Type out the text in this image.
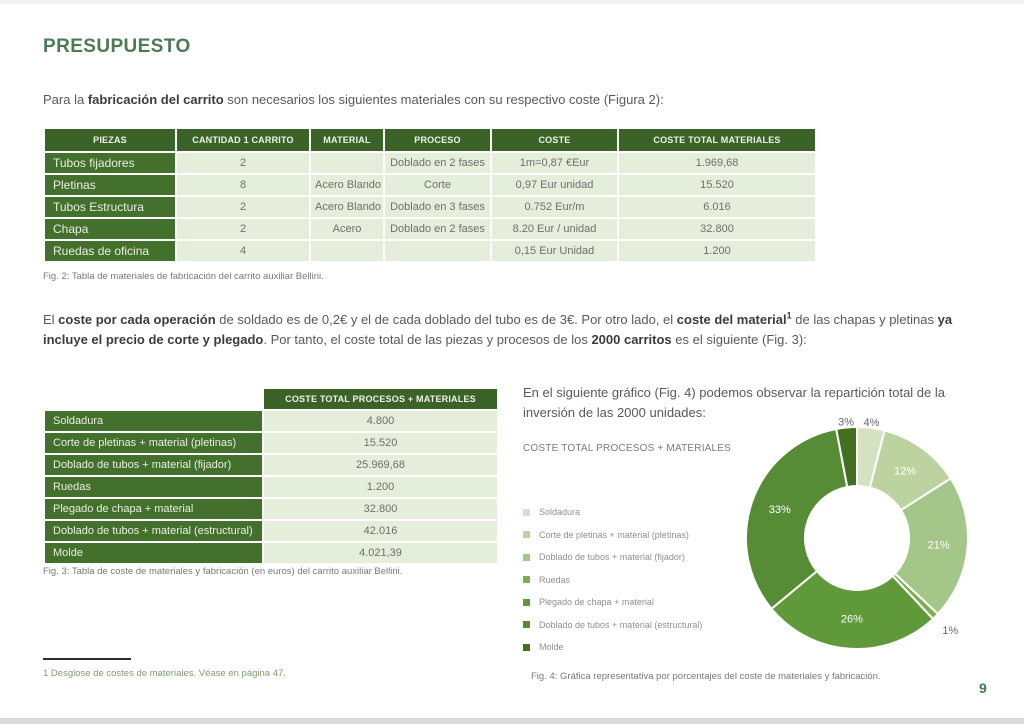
PRESUPUESTO

Para la fabricación del carrito son necesarios los siguientes materiales con su respectivo coste (Figura 2):

PIEZAS	CANTIDAD 1 CARRITO	MATERIAL	PROCESO	COSTE	COSTE TOTAL MATERIALES
Tubos fijadores	2		Doblado en 2 fases	1m=0,87 €Eur	1.969,68
Pletinas	8	Acero Blando	Corte	0,97 Eur unidad	15.520
Tubos Estructura	2	Acero Blando	Doblado en 3 fases	0.752 Eur/m	6.016
Chapa	2	Acero	Doblado en 2 fases	8.20 Eur / unidad	32.800
Ruedas de oficina	4			0,15 Eur Unidad	1.200

Fig. 2: Tabla de materiales de fabricación del carrito auxiliar Bellini.

El coste por cada operación de soldado es de 0,2€ y el de cada doblado del tubo es de 3€. Por otro lado, el coste del material$^1$ de las chapas y pletinas ya incluye el precio de corte y plegado. Por tanto, el coste total de las piezas y procesos de los 2000 carritos es el siguiente (Fig. 3):

	COSTE TOTAL PROCESOS + MATERIALES
Soldadura	4.800
Corte de pletinas + material (pletinas)	15.520
Doblado de tubos + material (fijador)	25.969,68
Ruedas	1.200
Plegado de chapa + material	32.800
Doblado de tubos + material (estructural)	42.016
Molde	4.021,39

Fig. 3: Tabla de coste de materiales y fabricación (en euros) del carrito auxiliar Bellini.

En el siguiente gráfico (Fig. 4) podemos observar la repartición total de la inversión de las 2000 unidades:

COSTE TOTAL PROCESOS + MATERIALES
Soldadura
Corte de pletinas + material (pletinas)
Doblado de tubos + material (fijador)
Ruedas
Plegado de chapa + material
Doblado de tubos + material (estructural)
Molde
4%
12%
21%
1%
26%
33%
3%

Fig. 4: Gráfica representativa por porcentajes del coste de materiales y fabricación.

1 Desglose de costes de materiales. Véase en página 47.

9
